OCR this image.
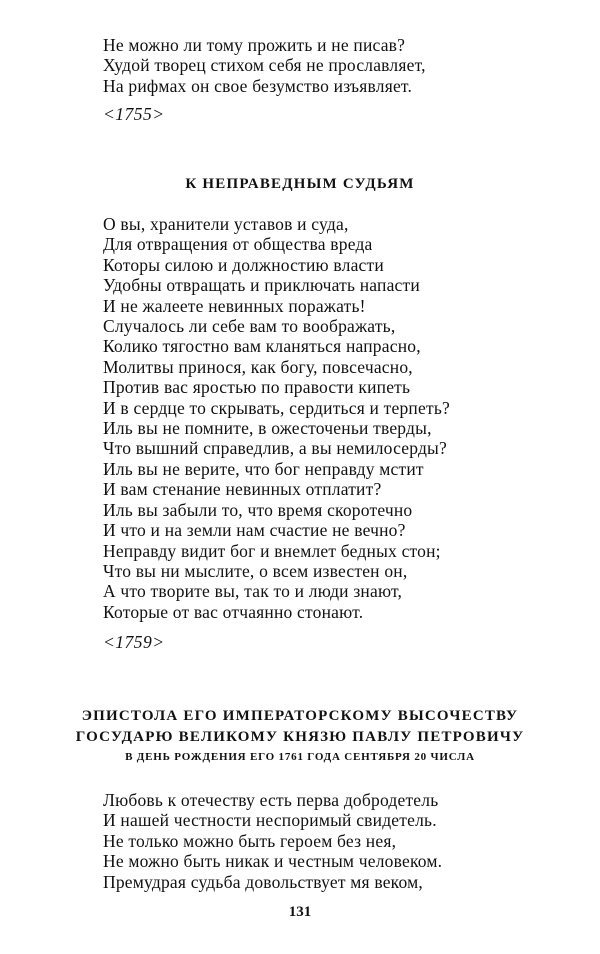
Не можно ли тому прожить и не писав?
Худой творец стихом себя не прославляет,
На рифмах он свое безумство изъявляет.
<1755>
К НЕПРАВЕДНЫМ СУДЬЯМ
О вы, хранители уставов и суда,
Для отвращения от общества вреда
Которы силою и должностию власти
Удобны отвращать и приключать напасти
И не жалеете невинных поражать!
Случалось ли себе вам то воображать,
Колико тягостно вам кланяться напрасно,
Молитвы принося, как богу, повсечасно,
Против вас яростью по правости кипеть
И в сердце то скрывать, сердиться и терпеть?
Иль вы не помните, в ожесточеньи тверды,
Что вышний справедлив, а вы немилосерды?
Иль вы не верите, что бог неправду мстит
И вам стенание невинных отплатит?
Иль вы забыли то, что время скоротечно
И что и на земли нам счастие не вечно?
Неправду видит бог и внемлет бедных стон;
Что вы ни мыслите, о всем известен он,
А что творите вы, так то и люди знают,
Которые от вас отчаянно стонают.
<1759>
ЭПИСТОЛА ЕГО ИМПЕРАТОРСКОМУ ВЫСОЧЕСТВУ
ГОСУДАРЮ ВЕЛИКОМУ КНЯЗЮ ПАВЛУ ПЕТРОВИЧУ
В ДЕНЬ РОЖДЕНИЯ ЕГО 1761 ГОДА СЕНТЯБРЯ 20 ЧИСЛА
Любовь к отечеству есть перва добродетель
И нашей честности неспоримый свидетель.
Не только можно быть героем без нея,
Не можно быть никак и честным человеком.
Премудрая судьба довольствует мя веком,
131
